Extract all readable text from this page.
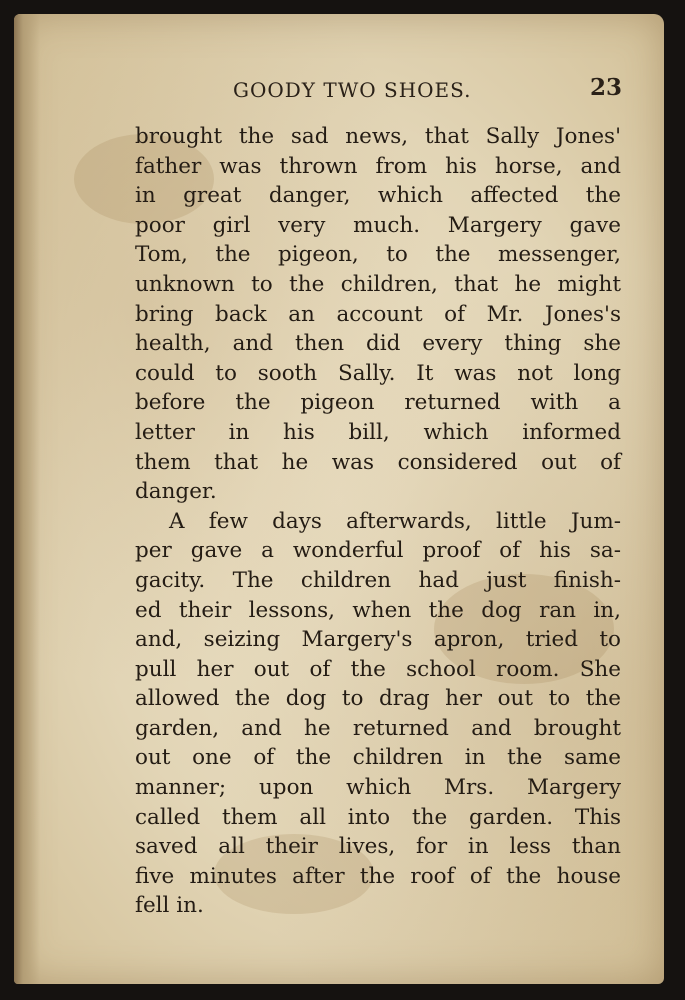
GOODY TWO SHOES.	23
brought the sad news, that Sally Jones'
father was thrown from his horse, and
in great danger, which affected the
poor girl very much. Margery gave
Tom, the pigeon, to the messenger,
unknown to the children, that he might
bring back an account of Mr. Jones's
health, and then did every thing she
could to sooth Sally. It was not long
before the pigeon returned with a
letter in his bill, which informed
them that he was considered out of
danger.
A few days afterwards, little Jum-
per gave a wonderful proof of his sa-
gacity. The children had just finish-
ed their lessons, when the dog ran in,
and, seizing Margery's apron, tried to
pull her out of the school room. She
allowed the dog to drag her out to the
garden, and he returned and brought
out one of the children in the same
manner; upon which Mrs. Margery
called them all into the garden. This
saved all their lives, for in less than
five minutes after the roof of the house
fell in.
